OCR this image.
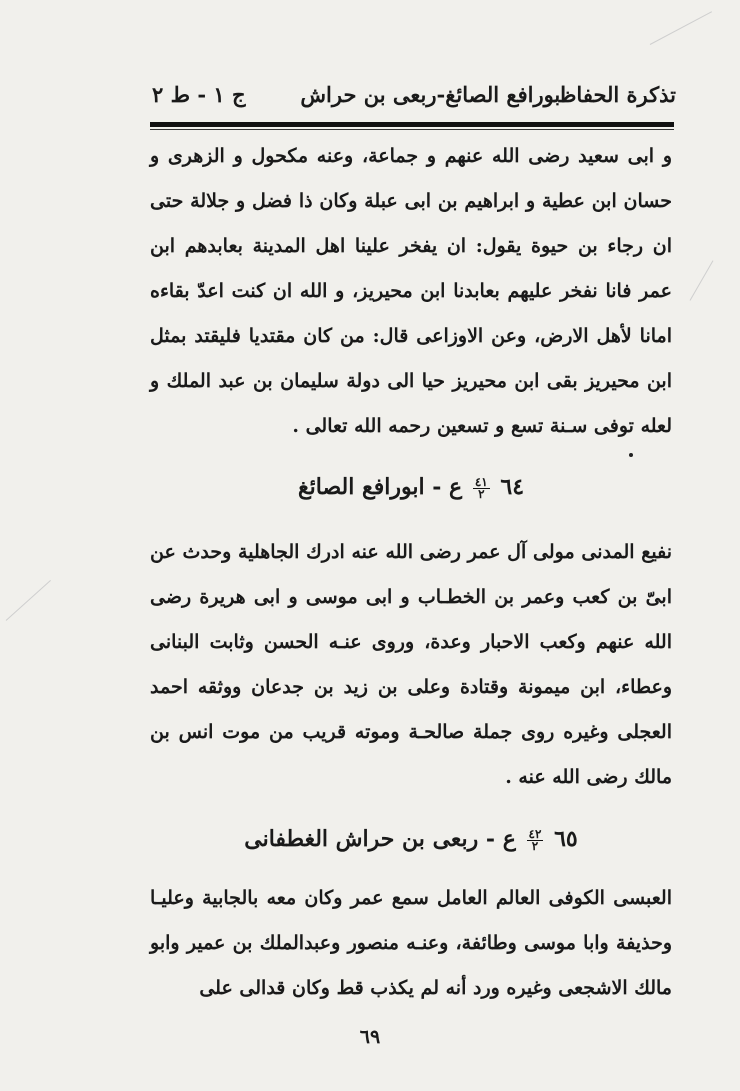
تذكرة الحفاظ
ابورافع الصائغ-ربعى بن حراش
ج ١ - ط ٢

و ابى سعيد رضى الله عنهم و جماعة، وعنه مكحول و الزهرى و حسان ابن عطية و ابراهيم بن ابى عبلة وكان ذا فضل و جلالة حتى ان رجاء بن حيوة يقول: ان يفخر علينا اهل المدينة بعابدهم ابن عمر فانا نفخر عليهم بعابدنا ابن محيريز، و الله ان كنت اعدّ بقاءه امانا لأهل الارض، وعن الاوزاعى قال: من كان مقتديا فليقتد بمثل ابن محيريز بقى ابن محيريز حيا الى دولة سليمان بن عبد الملك و لعله توفى سـنة تسع و تسعين رحمه الله تعالى .

٦٤
$\frac{٤١}{٢}$
ع - ابورافع الصائغ

نفيع المدنى مولى آل عمر رضى الله عنه ادرك الجاهلية وحدث عن ابىّ بن كعب وعمر بن الخطـاب و ابى موسى و ابى هريرة رضى الله عنهم وكعب الاحبار وعدة، وروى عنـه الحسن وثابت البنانى وعطاء، ابن ميمونة وقتادة وعلى بن زيد بن جدعان ووثقه احمد العجلى وغيره روى جملة صالحـة وموته قريب من موت انس بن مالك رضى الله عنه .

٦٥
$\frac{٤٢}{٢}$
ع - ربعى بن حراش الغطفانى

العبسى الكوفى العالم العامل سمع عمر وكان معه بالجابية وعليـا وحذيفة وابا موسى وطائفة، وعنـه منصور وعبدالملك بن عمير وابو مالك الاشجعى وغيره ورد أنه لم يكذب قط وكان قدالى على

٦٩
